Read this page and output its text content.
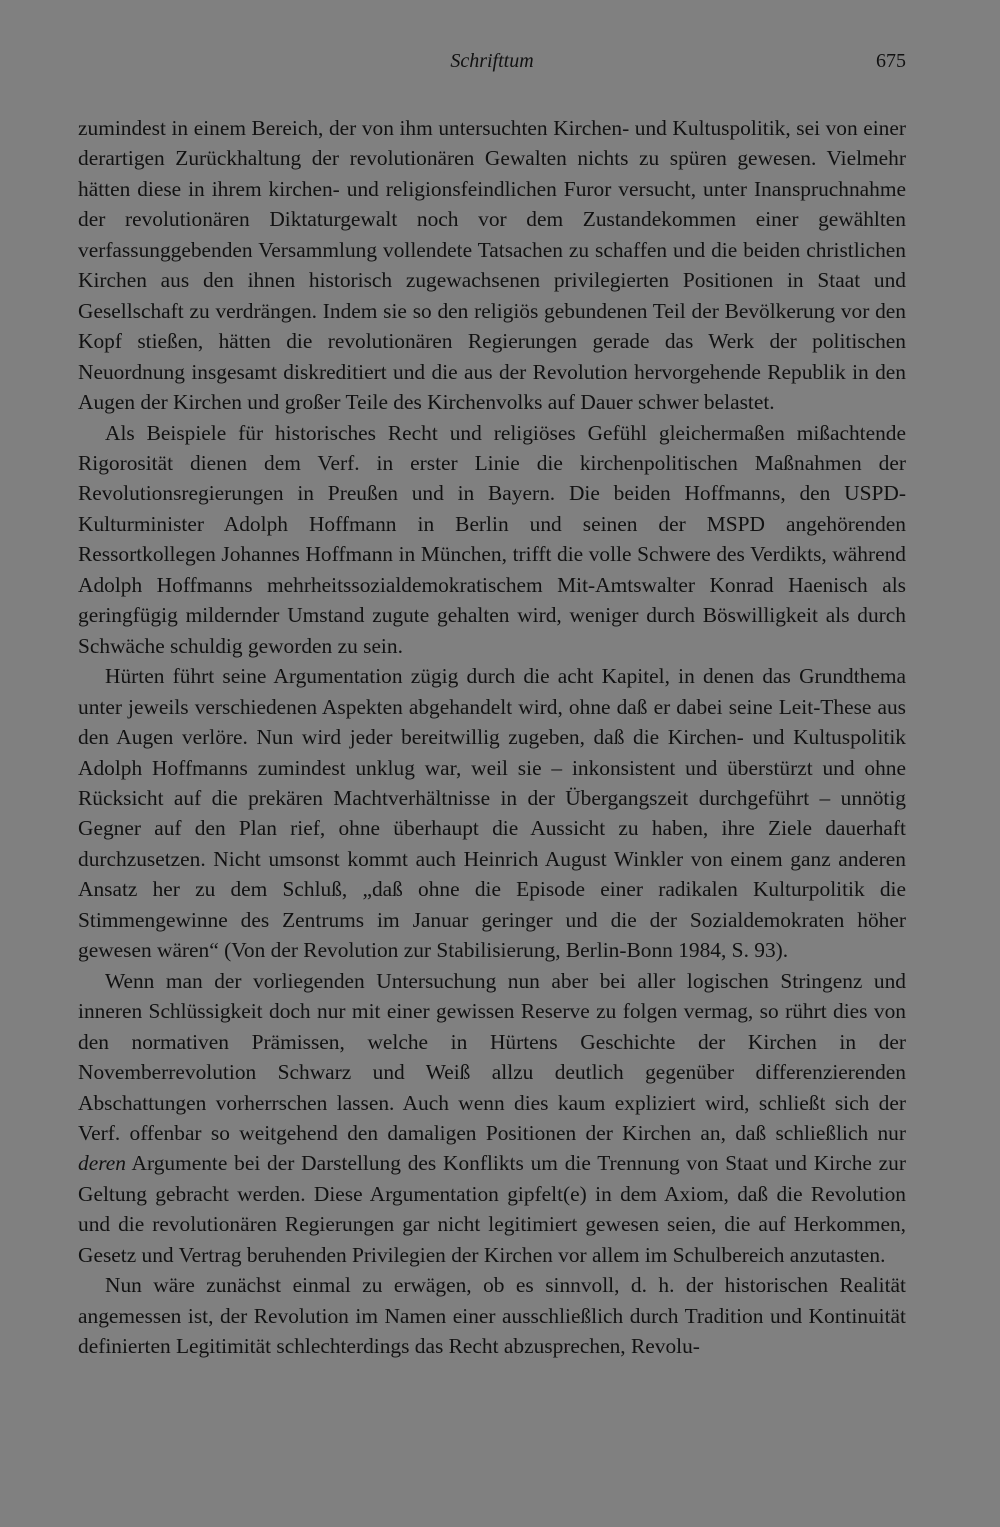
Schrifttum	675

zumindest in einem Bereich, der von ihm untersuchten Kirchen- und Kultuspolitik, sei von einer derartigen Zurückhaltung der revolutionären Gewalten nichts zu spüren gewesen. Vielmehr hätten diese in ihrem kirchen- und religionsfeindlichen Furor versucht, unter Inanspruchnahme der revolutionären Diktaturgewalt noch vor dem Zustandekommen einer gewählten verfassunggebenden Versammlung vollendete Tatsachen zu schaffen und die beiden christlichen Kirchen aus den ihnen historisch zugewachsenen privilegierten Positionen in Staat und Gesellschaft zu verdrängen. Indem sie so den religiös gebundenen Teil der Bevölkerung vor den Kopf stießen, hätten die revolutionären Regierungen gerade das Werk der politischen Neuordnung insgesamt diskreditiert und die aus der Revolution hervorgehende Republik in den Augen der Kirchen und großer Teile des Kirchenvolks auf Dauer schwer belastet.

Als Beispiele für historisches Recht und religiöses Gefühl gleichermaßen mißachtende Rigorosität dienen dem Verf. in erster Linie die kirchenpolitischen Maßnahmen der Revolutionsregierungen in Preußen und in Bayern. Die beiden Hoffmanns, den USPD-Kulturminister Adolph Hoffmann in Berlin und seinen der MSPD angehörenden Ressortkollegen Johannes Hoffmann in München, trifft die volle Schwere des Verdikts, während Adolph Hoffmanns mehrheitssozialdemokratischem Mit-Amtswalter Konrad Haenisch als geringfügig mildernder Umstand zugute gehalten wird, weniger durch Böswilligkeit als durch Schwäche schuldig geworden zu sein.

Hürten führt seine Argumentation zügig durch die acht Kapitel, in denen das Grundthema unter jeweils verschiedenen Aspekten abgehandelt wird, ohne daß er dabei seine Leit-These aus den Augen verlöre. Nun wird jeder bereitwillig zugeben, daß die Kirchen- und Kultuspolitik Adolph Hoffmanns zumindest unklug war, weil sie – inkonsistent und überstürzt und ohne Rücksicht auf die prekären Machtverhältnisse in der Übergangszeit durchgeführt – unnötig Gegner auf den Plan rief, ohne überhaupt die Aussicht zu haben, ihre Ziele dauerhaft durchzusetzen. Nicht umsonst kommt auch Heinrich August Winkler von einem ganz anderen Ansatz her zu dem Schluß, „daß ohne die Episode einer radikalen Kulturpolitik die Stimmengewinne des Zentrums im Januar geringer und die der Sozialdemokraten höher gewesen wären“ (Von der Revolution zur Stabilisierung, Berlin-Bonn 1984, S. 93).

Wenn man der vorliegenden Untersuchung nun aber bei aller logischen Stringenz und inneren Schlüssigkeit doch nur mit einer gewissen Reserve zu folgen vermag, so rührt dies von den normativen Prämissen, welche in Hürtens Geschichte der Kirchen in der Novemberrevolution Schwarz und Weiß allzu deutlich gegenüber differenzierenden Abschattungen vorherrschen lassen. Auch wenn dies kaum expliziert wird, schließt sich der Verf. offenbar so weitgehend den damaligen Positionen der Kirchen an, daß schließlich nur deren Argumente bei der Darstellung des Konflikts um die Trennung von Staat und Kirche zur Geltung gebracht werden. Diese Argumentation gipfelt(e) in dem Axiom, daß die Revolution und die revolutionären Regierungen gar nicht legitimiert gewesen seien, die auf Herkommen, Gesetz und Vertrag beruhenden Privilegien der Kirchen vor allem im Schulbereich anzutasten.

Nun wäre zunächst einmal zu erwägen, ob es sinnvoll, d. h. der historischen Realität angemessen ist, der Revolution im Namen einer ausschließlich durch Tradition und Kontinuität definierten Legitimität schlechterdings das Recht abzusprechen, Revolu-
